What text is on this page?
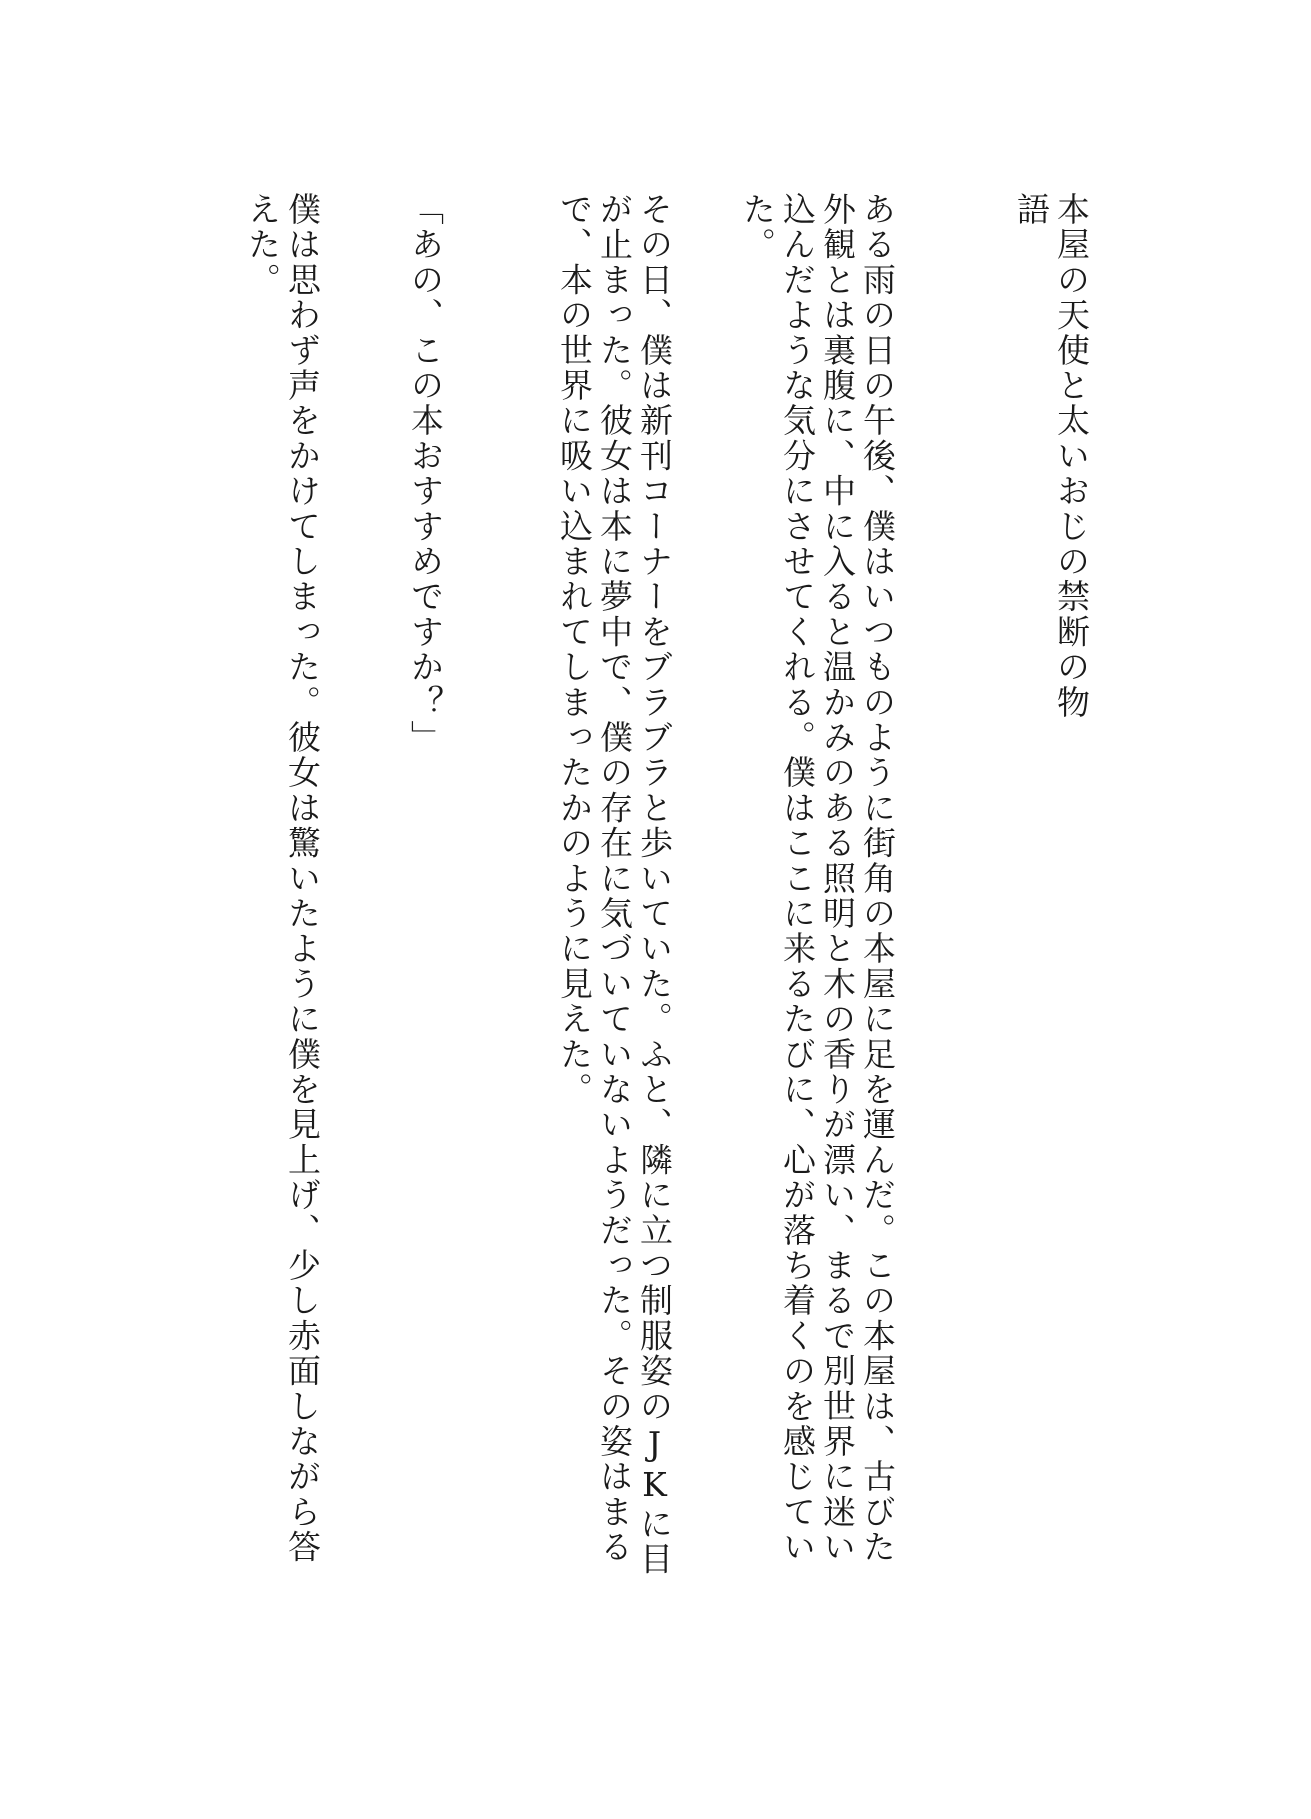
本屋の天使と太いおじの禁断の物語
ある雨の日の午後、僕はいつものように街角の本屋に足を運んだ。この本屋は、古びた外観とは裏腹に、中に入ると温かみのある照明と木の香りが漂い、まるで別世界に迷い込んだような気分にさせてくれる。僕はここに来るたびに、心が落ち着くのを感じていた。
その日、僕は新刊コーナーをブラブラと歩いていた。ふと、隣に立つ制服姿のJKに目が止まった。彼女は本に夢中で、僕の存在に気づいていないようだった。その姿はまるで、本の世界に吸い込まれてしまったかのように見えた。
「あの、この本おすすめですか？」
僕は思わず声をかけてしまった。彼女は驚いたように僕を見上げ、少し赤面しながら答えた。
